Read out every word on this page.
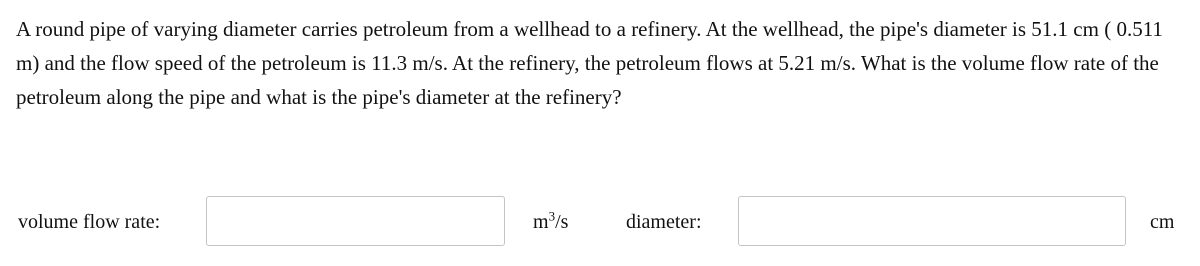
A round pipe of varying diameter carries petroleum from a wellhead to a refinery. At the wellhead, the pipe's diameter is 51.1 cm ( 0.511 m) and the flow speed of the petroleum is 11.3 m/s. At the refinery, the petroleum flows at 5.21 m/s. What is the volume flow rate of the petroleum along the pipe and what is the pipe's diameter at the refinery?

volume flow rate:	$m^3/s$	diameter:	cm
